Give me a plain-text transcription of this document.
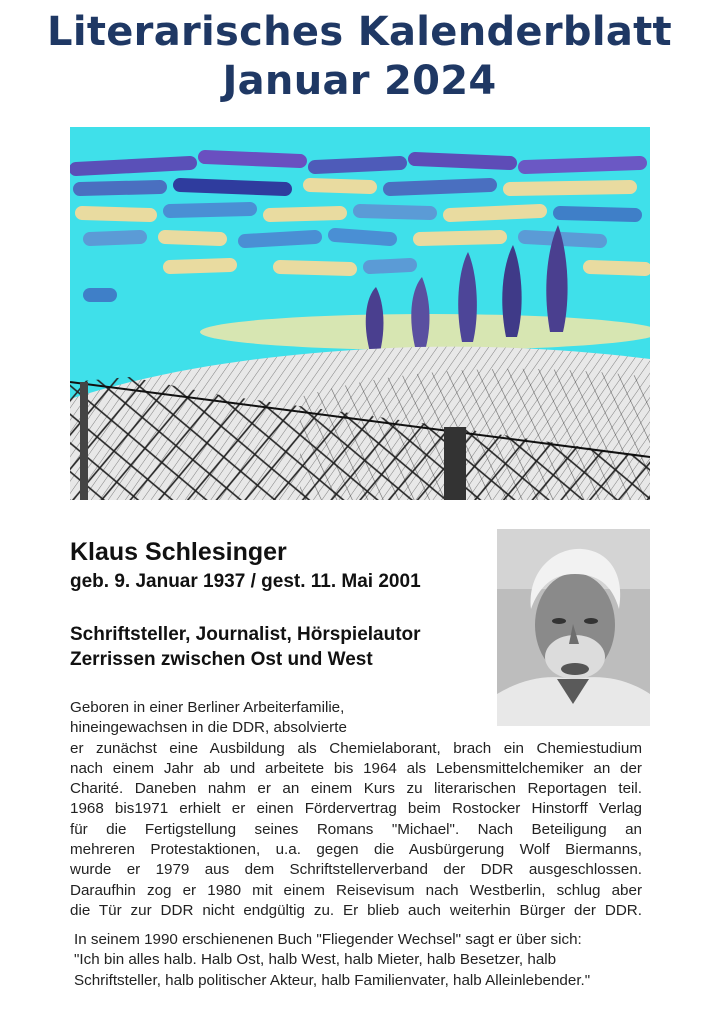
Literarisches Kalenderblatt
Januar 2024
Klaus Schlesinger
geb. 9. Januar 1937 / gest. 11. Mai 2001
Schriftsteller, Journalist, Hörspielautor
Zerrissen zwischen Ost und West
Geboren in einer Berliner Arbeiterfamilie,
hineingewachsen in die DDR, absolvierte
er zunächst eine Ausbildung als Chemielaborant, brach ein Chemiestudium
nach einem Jahr ab und arbeitete bis 1964 als Lebensmittelchemiker an der
Charité. Daneben nahm er an einem Kurs zu literarischen Reportagen teil.
1968 bis1971 erhielt er einen Fördervertrag beim Rostocker Hinstorff Verlag
für die Fertigstellung seines Romans "Michael". Nach Beteiligung an
mehreren Protestaktionen, u.a. gegen die Ausbürgerung Wolf Biermanns,
wurde er 1979 aus dem Schriftstellerverband der DDR ausgeschlossen.
Daraufhin zog er 1980 mit einem Reisevisum nach Westberlin, schlug aber
die Tür zur DDR nicht endgültig zu. Er blieb auch weiterhin Bürger der DDR.
In seinem 1990 erschienenen Buch "Fliegender Wechsel" sagt er über sich:
"Ich bin alles halb. Halb Ost, halb West, halb Mieter, halb Besetzer, halb
Schriftsteller, halb politischer Akteur, halb Familienvater, halb Alleinlebender."
